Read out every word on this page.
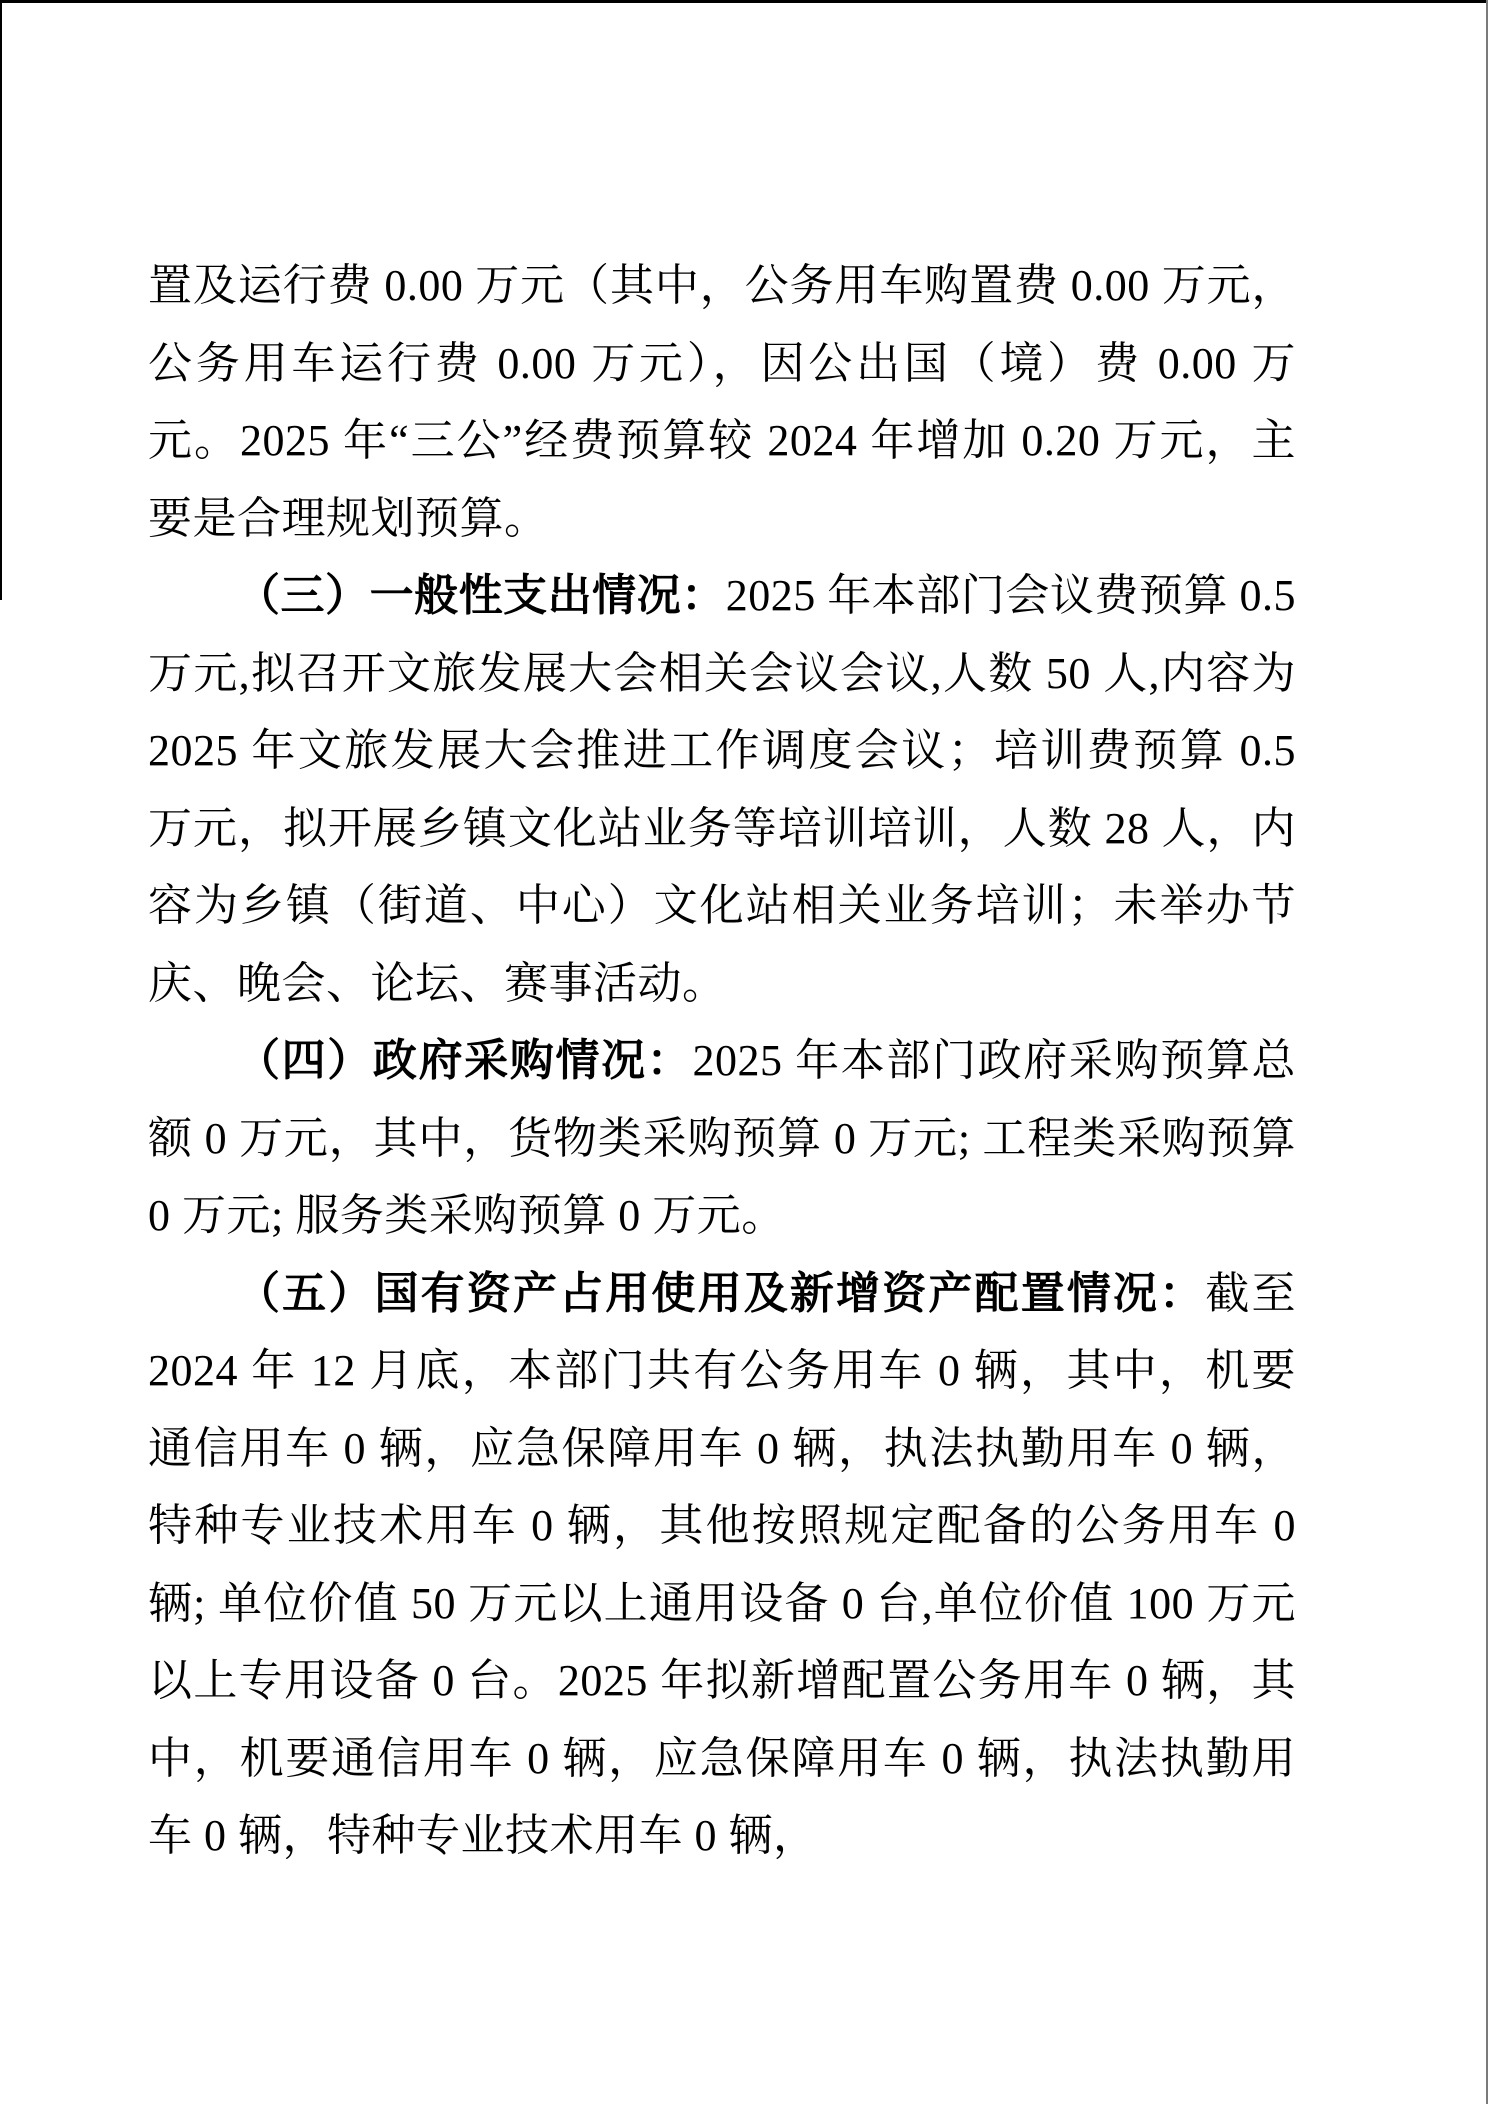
置及运行费 0.00 万元（其中，公务用车购置费 0.00 万元，公务用车运行费 0.00 万元），因公出国（境）费 0.00 万元。2025 年“三公”经费预算较 2024 年增加 0.20 万元，主要是合理规划预算。

（三）一般性支出情况：2025 年本部门会议费预算 0.5 万元,拟召开文旅发展大会相关会议会议,人数 50 人,内容为 2025 年文旅发展大会推进工作调度会议；培训费预算 0.5 万元，拟开展乡镇文化站业务等培训培训，人数 28 人，内容为乡镇（街道、中心）文化站相关业务培训；未举办节庆、晚会、论坛、赛事活动。

（四）政府采购情况：2025 年本部门政府采购预算总额 0 万元，其中，货物类采购预算 0 万元; 工程类采购预算 0 万元; 服务类采购预算 0 万元。

（五）国有资产占用使用及新增资产配置情况：截至 2024 年 12 月底，本部门共有公务用车 0 辆，其中，机要通信用车 0 辆，应急保障用车 0 辆，执法执勤用车 0 辆，特种专业技术用车 0 辆，其他按照规定配备的公务用车 0 辆; 单位价值 50 万元以上通用设备 0 台,单位价值 100 万元以上专用设备 0 台。2025 年拟新增配置公务用车 0 辆，其中，机要通信用车 0 辆，应急保障用车 0 辆，执法执勤用车 0 辆，特种专业技术用车 0 辆，
